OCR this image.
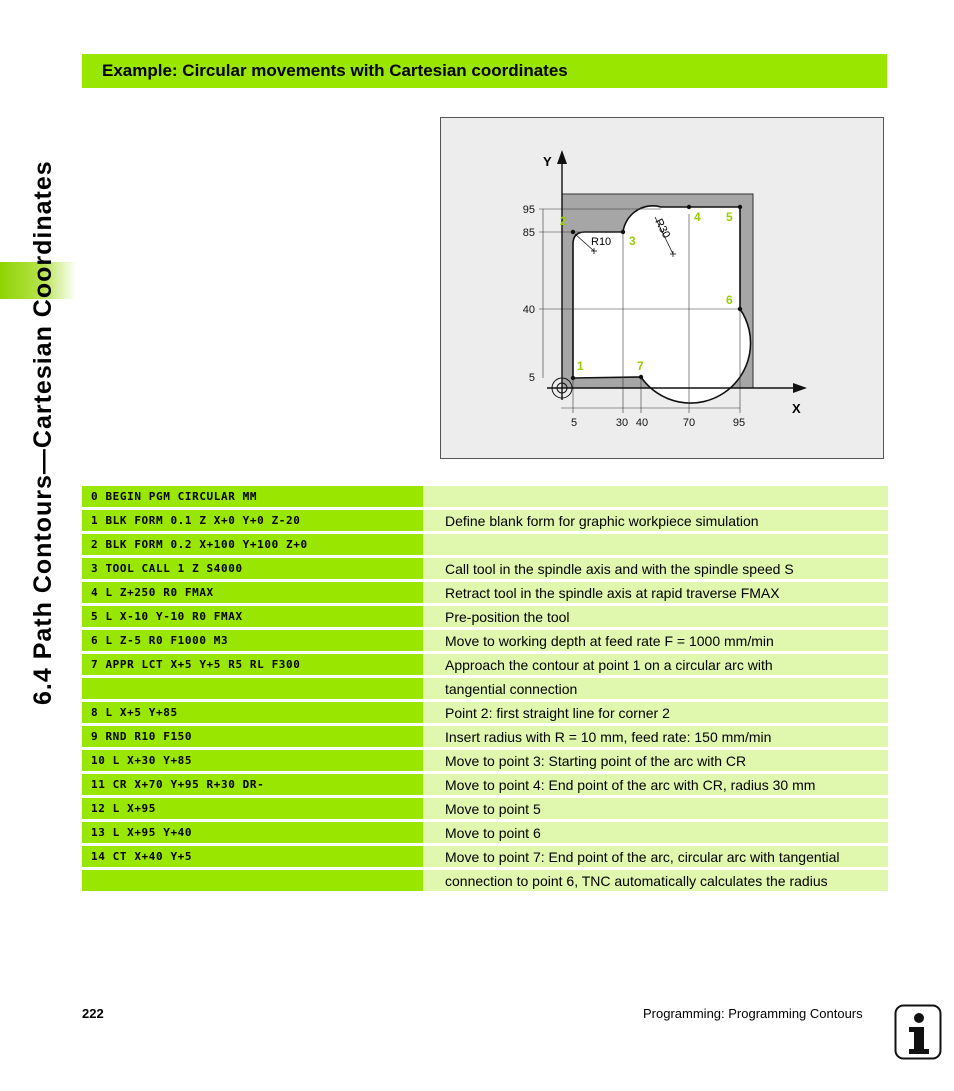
6.4 Path Contours—Cartesian Coordinates
Example: Circular movements with Cartesian coordinates
Y
X
95
85
40
5
5	30 40	70	95
R10
R30
1
2
3
4 5
6
7
0 BEGIN PGM CIRCULAR MM
1 BLK FORM 0.1 Z X+0 Y+0 Z-20	Define blank form for graphic workpiece simulation
2 BLK FORM 0.2 X+100 Y+100 Z+0
3 TOOL CALL 1 Z S4000	Call tool in the spindle axis and with the spindle speed S
4 L Z+250 R0 FMAX	Retract tool in the spindle axis at rapid traverse FMAX
5 L X-10 Y-10 R0 FMAX	Pre-position the tool
6 L Z-5 R0 F1000 M3	Move to working depth at feed rate F = 1000 mm/min
7 APPR LCT X+5 Y+5 R5 RL F300	Approach the contour at point 1 on a circular arc with
tangential connection
8 L X+5 Y+85	Point 2: first straight line for corner 2
9 RND R10 F150	Insert radius with R = 10 mm, feed rate: 150 mm/min
10 L X+30 Y+85	Move to point 3: Starting point of the arc with CR
11 CR X+70 Y+95 R+30 DR-	Move to point 4: End point of the arc with CR, radius 30 mm
12 L X+95	Move to point 5
13 L X+95 Y+40	Move to point 6
14 CT X+40 Y+5	Move to point 7: End point of the arc, circular arc with tangential
connection to point 6, TNC automatically calculates the radius
222	Programming: Programming Contours
